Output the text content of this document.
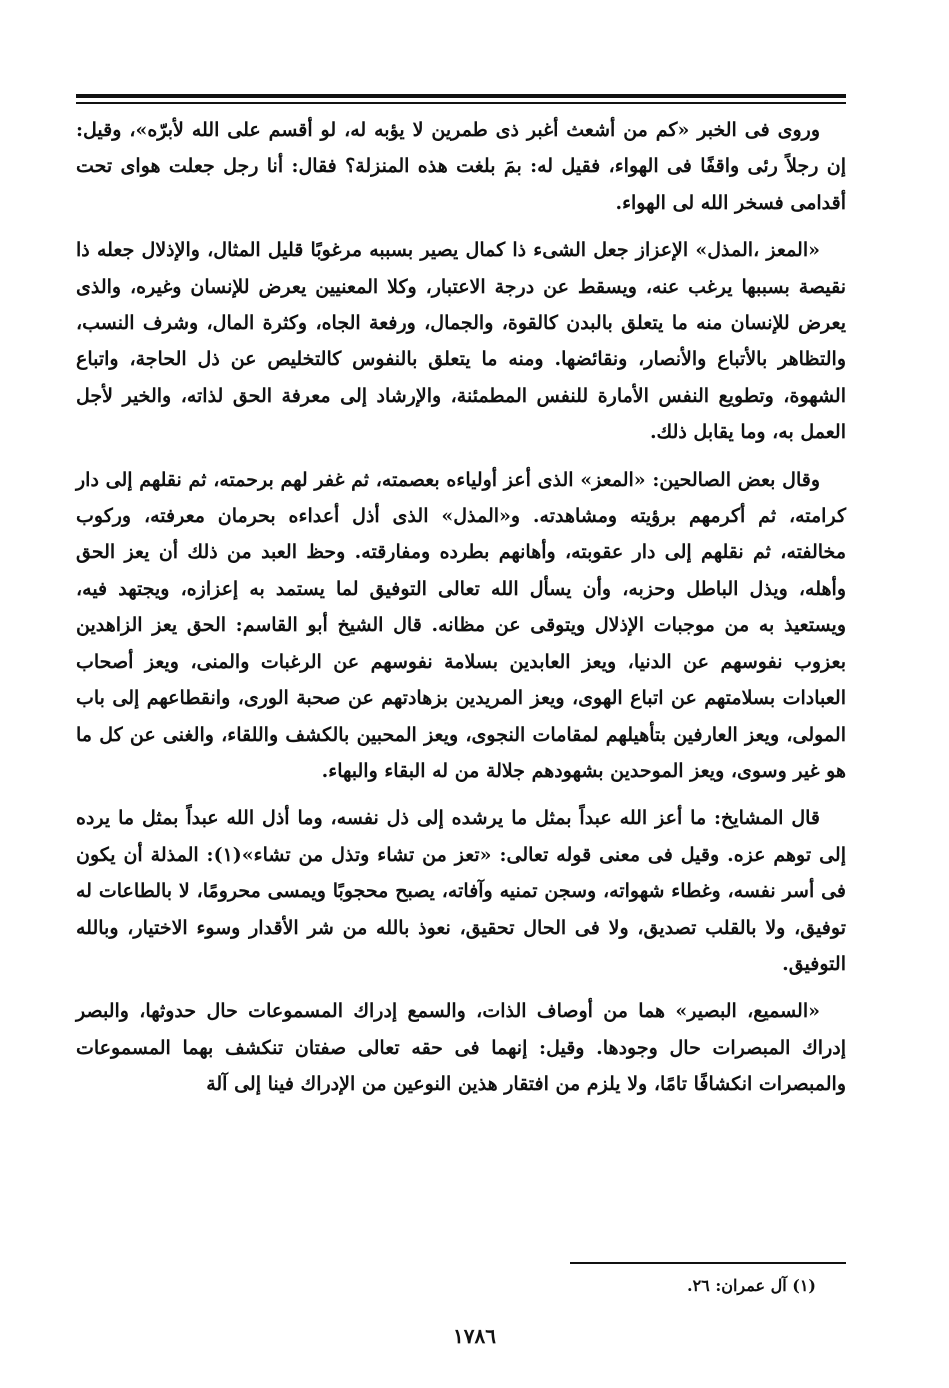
وروى فى الخبر «كم من أشعث أغبر ذى طمرين لا يؤبه له، لو أقسم على الله لأبرّه»، وقيل: إن رجلاً رئى واقفًا فى الهواء، فقيل له: بمَ بلغت هذه المنزلة؟ فقال: أنا رجل جعلت هواى تحت أقدامى فسخر الله لى الهواء.

«المعز ،المذل» الإعزاز جعل الشىء ذا كمال يصير بسببه مرغوبًا قليل المثال، والإذلال جعله ذا نقيصة بسببها يرغب عنه، ويسقط عن درجة الاعتبار، وكلا المعنيين يعرض للإنسان وغيره، والذى يعرض للإنسان منه ما يتعلق بالبدن كالقوة، والجمال، ورفعة الجاه، وكثرة المال، وشرف النسب، والتظاهر بالأتباع والأنصار، ونقائضها. ومنه ما يتعلق بالنفوس كالتخليص عن ذل الحاجة، واتباع الشهوة، وتطويع النفس الأمارة للنفس المطمئنة، والإرشاد إلى معرفة الحق لذاته، والخير لأجل العمل به، وما يقابل ذلك.

وقال بعض الصالحين: «المعز» الذى أعز أولياءه بعصمته، ثم غفر لهم برحمته، ثم نقلهم إلى دار كرامته، ثم أكرمهم برؤيته ومشاهدته. و«المذل» الذى أذل أعداءه بحرمان معرفته، وركوب مخالفته، ثم نقلهم إلى دار عقوبته، وأهانهم بطرده ومفارقته. وحظ العبد من ذلك أن يعز الحق وأهله، ويذل الباطل وحزبه، وأن يسأل الله تعالى التوفيق لما يستمد به إعزازه، ويجتهد فيه، ويستعيذ به من موجبات الإذلال ويتوقى عن مظانه. قال الشيخ أبو القاسم: الحق يعز الزاهدين بعزوب نفوسهم عن الدنيا، ويعز العابدين بسلامة نفوسهم عن الرغبات والمنى، ويعز أصحاب العبادات بسلامتهم عن اتباع الهوى، ويعز المريدين بزهادتهم عن صحبة الورى، وانقطاعهم إلى باب المولى، ويعز العارفين بتأهيلهم لمقامات النجوى، ويعز المحبين بالكشف واللقاء، والغنى عن كل ما هو غير وسوى، ويعز الموحدين بشهودهم جلالة من له البقاء والبهاء.

قال المشايخ: ما أعز الله عبداً بمثل ما يرشده إلى ذل نفسه، وما أذل الله عبداً بمثل ما يرده إلى توهم عزه. وقيل فى معنى قوله تعالى: «تعز من تشاء وتذل من تشاء»(١): المذلة أن يكون فى أسر نفسه، وغطاء شهواته، وسجن تمنيه وآفاته، يصبح محجوبًا ويمسى محرومًا، لا بالطاعات له توفيق، ولا بالقلب تصديق، ولا فى الحال تحقيق، نعوذ بالله من شر الأقدار وسوء الاختيار، وبالله التوفيق.

«السميع، البصير» هما من أوصاف الذات، والسمع إدراك المسموعات حال حدوثها، والبصر إدراك المبصرات حال وجودها. وقيل: إنهما فى حقه تعالى صفتان تنكشف بهما المسموعات والمبصرات انكشافًا تامًا، ولا يلزم من افتقار هذين النوعين من الإدراك فينا إلى آلة

(١) آل عمران: ٢٦.
١٧٨٦
